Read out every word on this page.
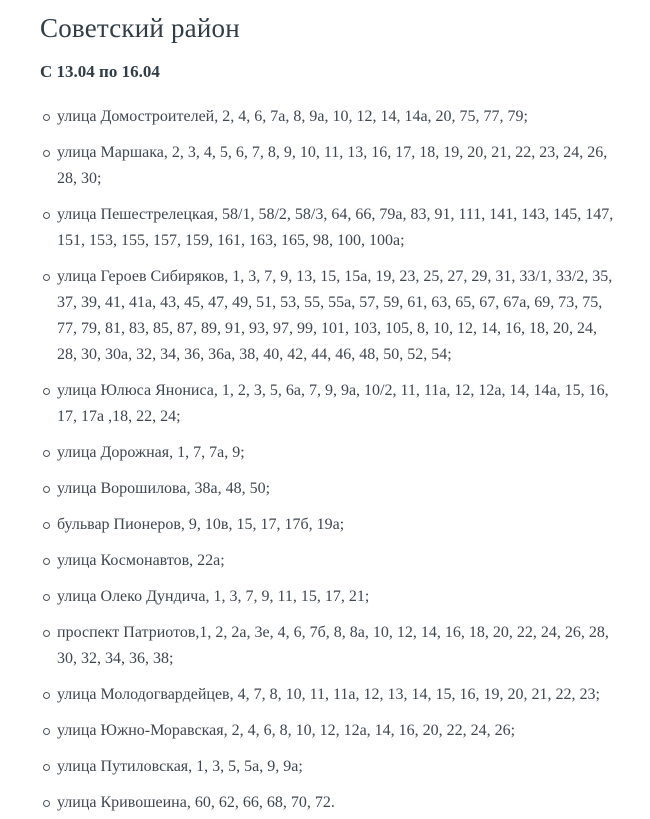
Советский район

С 13.04 по 16.04

улица Домостроителей, 2, 4, 6, 7а, 8, 9а, 10, 12, 14, 14а, 20, 75, 77, 79;
улица Маршака, 2, 3, 4, 5, 6, 7, 8, 9, 10, 11, 13, 16, 17, 18, 19, 20, 21, 22, 23, 24, 26, 28, 30;
улица Пешестрелецкая, 58/1, 58/2, 58/3, 64, 66, 79а, 83, 91, 111, 141, 143, 145, 147, 151, 153, 155, 157, 159, 161, 163, 165, 98, 100, 100а;
улица Героев Сибиряков, 1, 3, 7, 9, 13, 15, 15а, 19, 23, 25, 27, 29, 31, 33/1, 33/2, 35, 37, 39, 41, 41а, 43, 45, 47, 49, 51, 53, 55, 55а, 57, 59, 61, 63, 65, 67, 67а, 69, 73, 75, 77, 79, 81, 83, 85, 87, 89, 91, 93, 97, 99, 101, 103, 105, 8, 10, 12, 14, 16, 18, 20, 24, 28, 30, 30а, 32, 34, 36, 36а, 38, 40, 42, 44, 46, 48, 50, 52, 54;
улица Юлюса Янониса, 1, 2, 3, 5, 6а, 7, 9, 9а, 10/2, 11, 11а, 12, 12а, 14, 14а, 15, 16, 17, 17а ,18, 22, 24;
улица Дорожная, 1, 7, 7а, 9;
улица Ворошилова, 38а, 48, 50;
бульвар Пионеров, 9, 10в, 15, 17, 17б, 19а;
улица Космонавтов, 22а;
улица Олеко Дундича, 1, 3, 7, 9, 11, 15, 17, 21;
проспект Патриотов,1, 2, 2а, 3е, 4, 6, 7б, 8, 8а, 10, 12, 14, 16, 18, 20, 22, 24, 26, 28, 30, 32, 34, 36, 38;
улица Молодогвардейцев, 4, 7, 8, 10, 11, 11а, 12, 13, 14, 15, 16, 19, 20, 21, 22, 23;
улица Южно-Моравская, 2, 4, 6, 8, 10, 12, 12а, 14, 16, 20, 22, 24, 26;
улица Путиловская, 1, 3, 5, 5а, 9, 9а;
улица Кривошеина, 60, 62, 66, 68, 70, 72.
